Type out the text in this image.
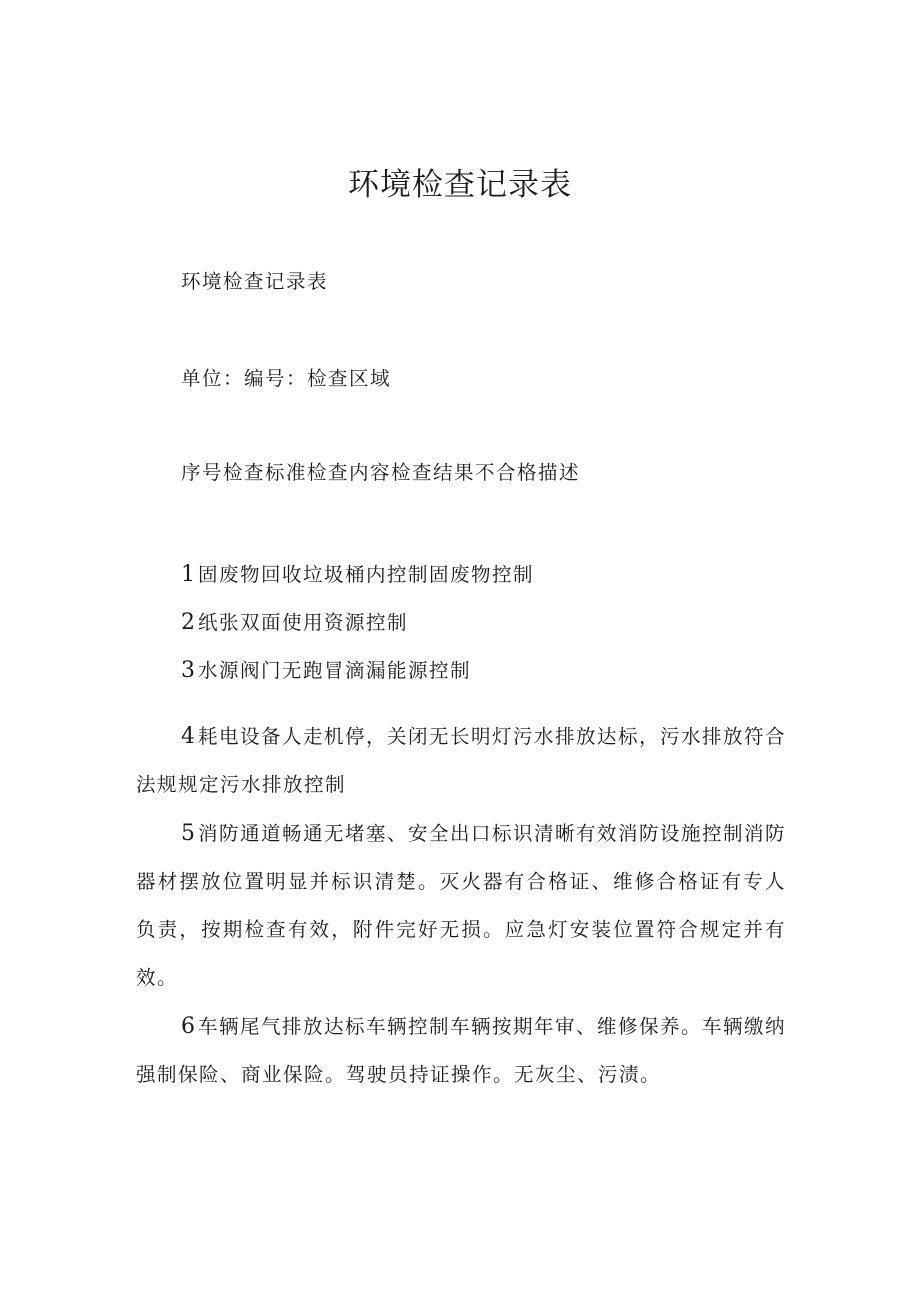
环境检查记录表
环境检查记录表
单位：编号：检查区域
序号检查标准检查内容检查结果不合格描述
1固废物回收垃圾桶内控制固废物控制
2纸张双面使用资源控制
3水源阀门无跑冒滴漏能源控制
4耗电设备人走机停，关闭无长明灯污水排放达标，污水排放符合法规规定污水排放控制
5消防通道畅通无堵塞、安全出口标识清晰有效消防设施控制消防器材摆放位置明显并标识清楚。灭火器有合格证、维修合格证有专人负责，按期检查有效，附件完好无损。应急灯安装位置符合规定并有效。
6车辆尾气排放达标车辆控制车辆按期年审、维修保养。车辆缴纳强制保险、商业保险。驾驶员持证操作。无灰尘、污渍。
